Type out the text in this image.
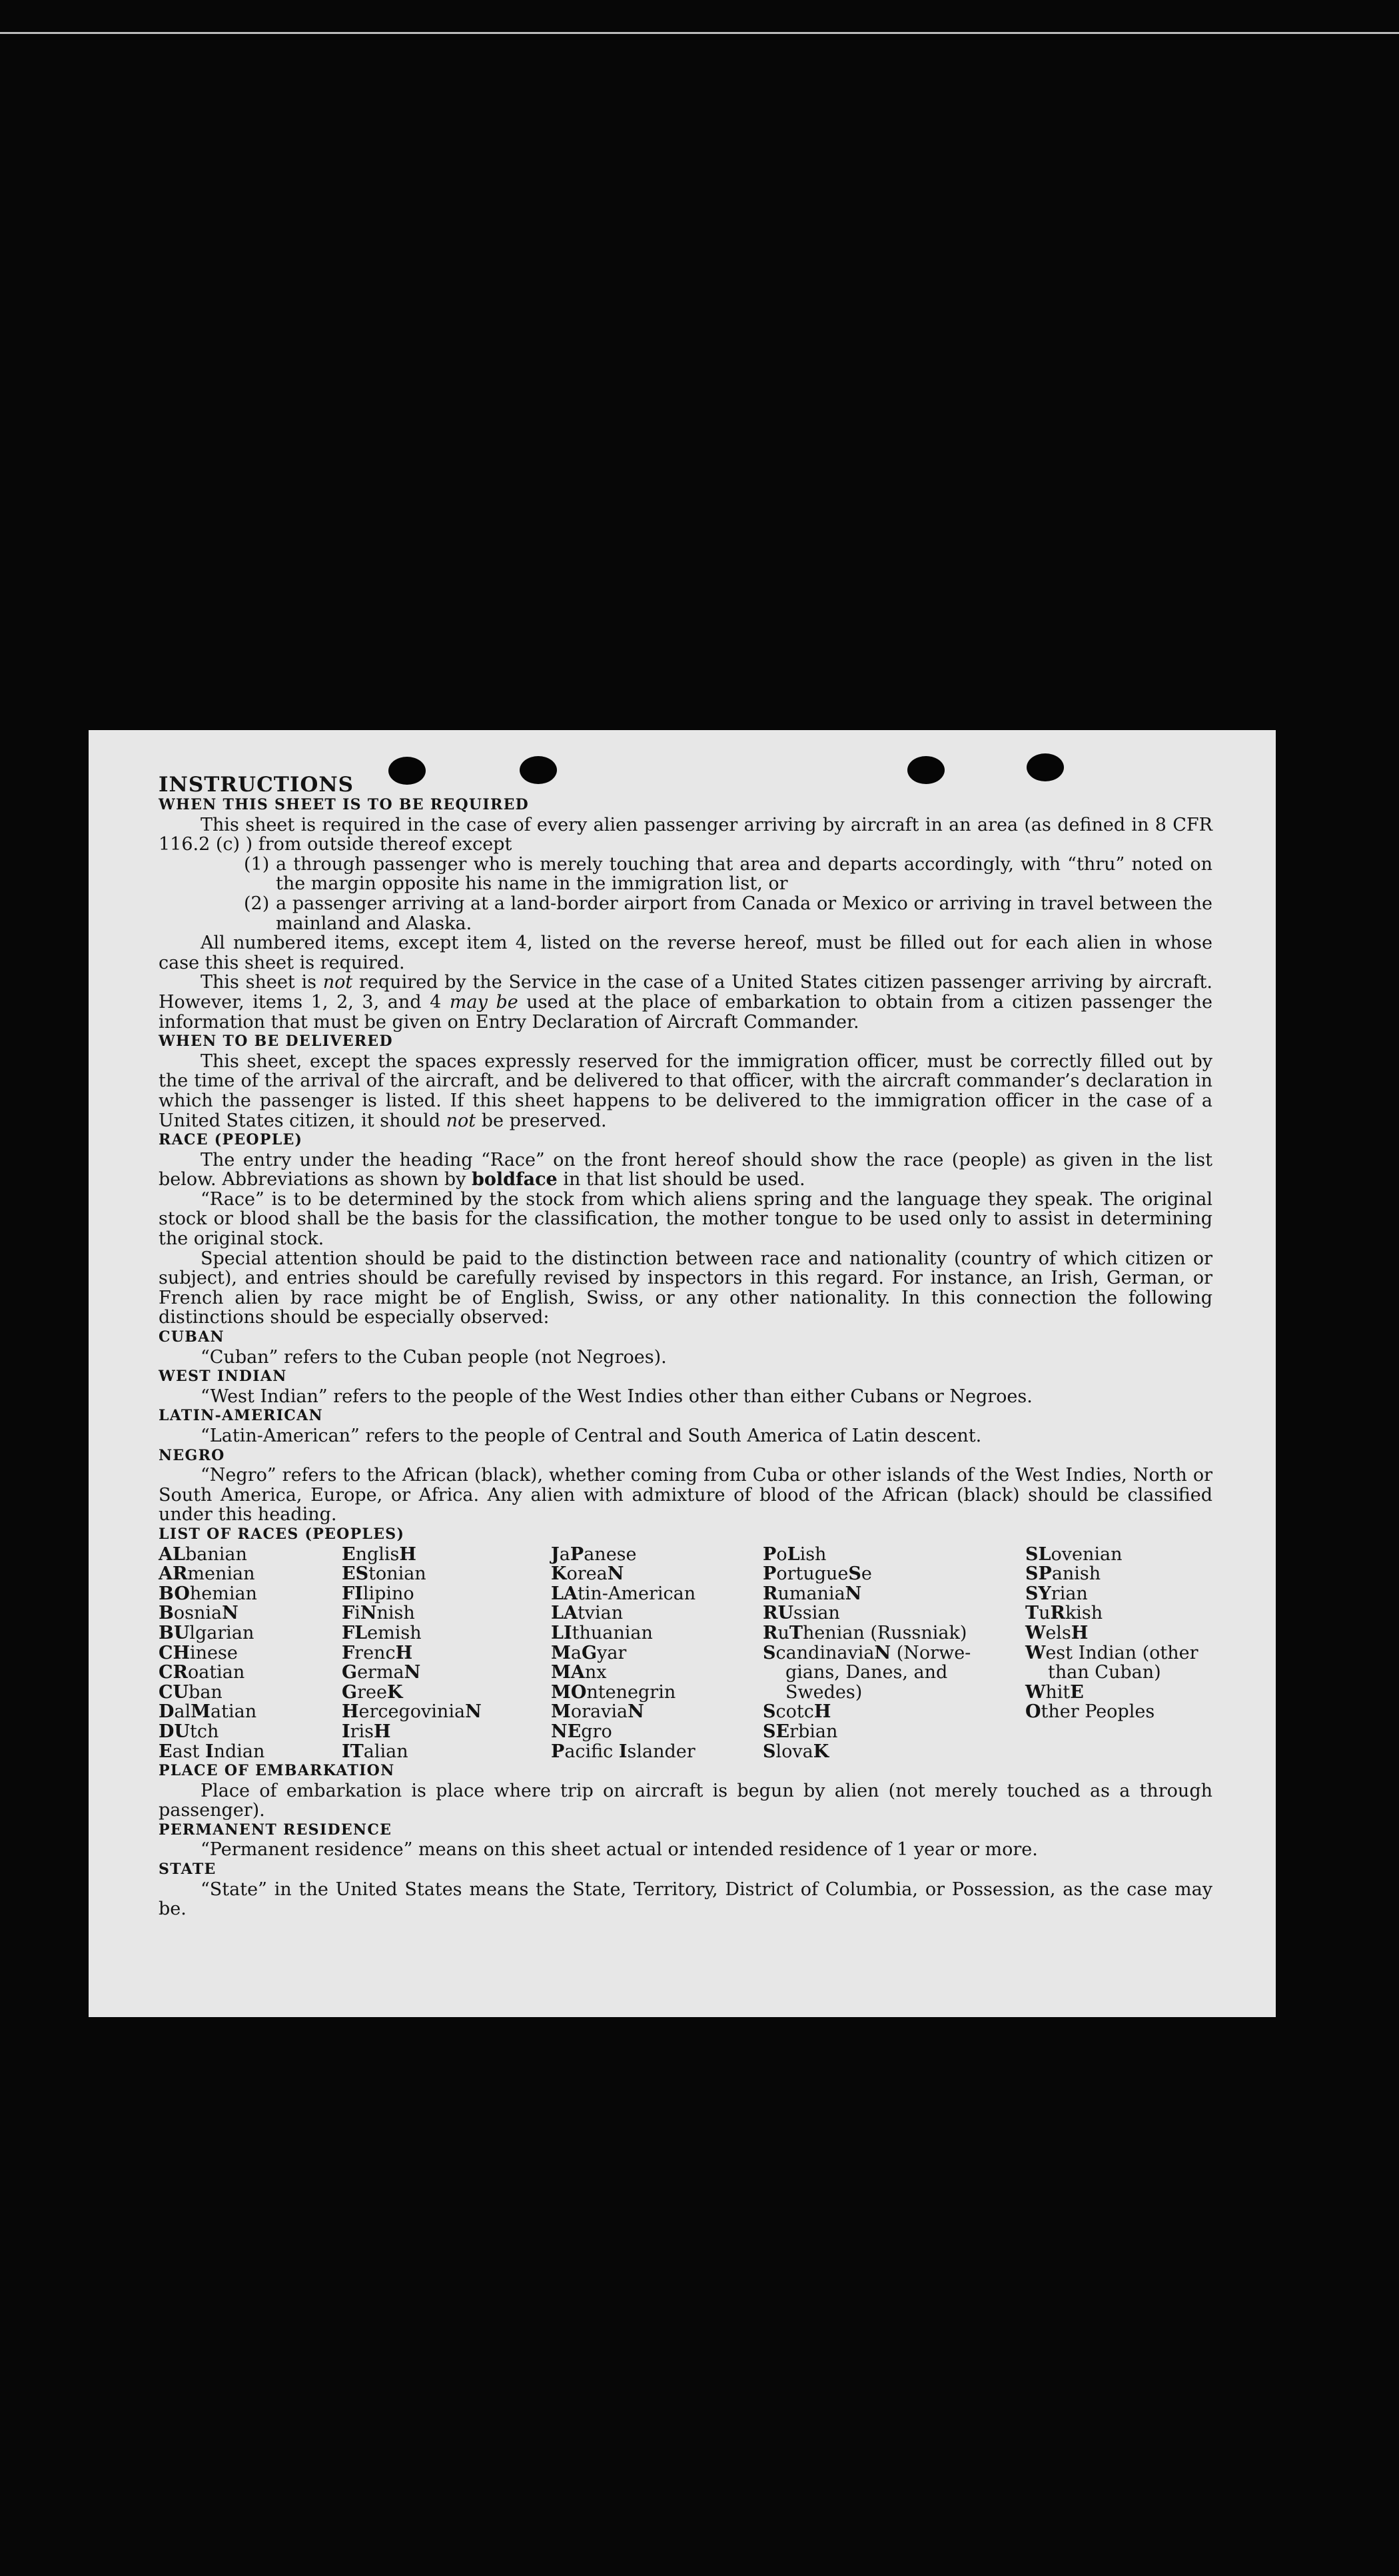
INSTRUCTIONS

WHEN THIS SHEET IS TO BE REQUIRED

This sheet is required in the case of every alien passenger arriving by aircraft in an area (as defined in 8 CFR 116.2 (c) ) from outside thereof except

(1) a through passenger who is merely touching that area and departs accordingly, with “thru” noted on the margin opposite his name in the immigration list, or
(2) a passenger arriving at a land-border airport from Canada or Mexico or arriving in travel between the mainland and Alaska.

All numbered items, except item 4, listed on the reverse hereof, must be filled out for each alien in whose case this sheet is required.

This sheet is not required by the Service in the case of a United States citizen passenger arriving by aircraft. However, items 1, 2, 3, and 4 may be used at the place of embarkation to obtain from a citizen passenger the information that must be given on Entry Declaration of Aircraft Commander.

WHEN TO BE DELIVERED

This sheet, except the spaces expressly reserved for the immigration officer, must be correctly filled out by the time of the arrival of the aircraft, and be delivered to that officer, with the aircraft commander’s declaration in which the passenger is listed. If this sheet happens to be delivered to the immigration officer in the case of a United States citizen, it should not be preserved.

RACE (PEOPLE)

The entry under the heading “Race” on the front hereof should show the race (people) as given in the list below. Abbreviations as shown by boldface in that list should be used.

“Race” is to be determined by the stock from which aliens spring and the language they speak. The original stock or blood shall be the basis for the classification, the mother tongue to be used only to assist in determining the original stock.

Special attention should be paid to the distinction between race and nationality (country of which citizen or subject), and entries should be carefully revised by inspectors in this regard. For instance, an Irish, German, or French alien by race might be of English, Swiss, or any other nationality. In this connection the following distinctions should be especially observed:

CUBAN

“Cuban” refers to the Cuban people (not Negroes).

WEST INDIAN

“West Indian” refers to the people of the West Indies other than either Cubans or Negroes.

LATIN-AMERICAN

“Latin-American” refers to the people of Central and South America of Latin descent.

NEGRO

“Negro” refers to the African (black), whether coming from Cuba or other islands of the West Indies, North or South America, Europe, or Africa. Any alien with admixture of blood of the African (black) should be classified under this heading.

LIST OF RACES (PEOPLES)

ALbanian
ARmenian
BOhemian
BosniaN
BUlgarian
CHinese
CRoatian
CUban
DalMatian
DUtch
East Indian
EnglisH
EStonian
FIlipino
FiNnish
FLemish
FrencH
GermaN
GreeK
HercegoviniaN
IrisH
ITalian
JaPanese
KoreaN
LAtin-American
LAtvian
LIthuanian
MaGyar
MAnx
MOntenegrin
MoraviaN
NEgro
Pacific Islander
PoLish
PortugueSe
RumaniaN
RUssian
RuThenian (Russniak)
ScandinaviaN (Norwe-
gians, Danes, and
Swedes)
ScotcH
SErbian
SlovaK
SLovenian
SPanish
SYrian
TuRkish
WelsH
West Indian (other
than Cuban)
WhitE
Other Peoples

PLACE OF EMBARKATION

Place of embarkation is place where trip on aircraft is begun by alien (not merely touched as a through passenger).

PERMANENT RESIDENCE

“Permanent residence” means on this sheet actual or intended residence of 1 year or more.

STATE

“State” in the United States means the State, Territory, District of Columbia, or Possession, as the case may be.
